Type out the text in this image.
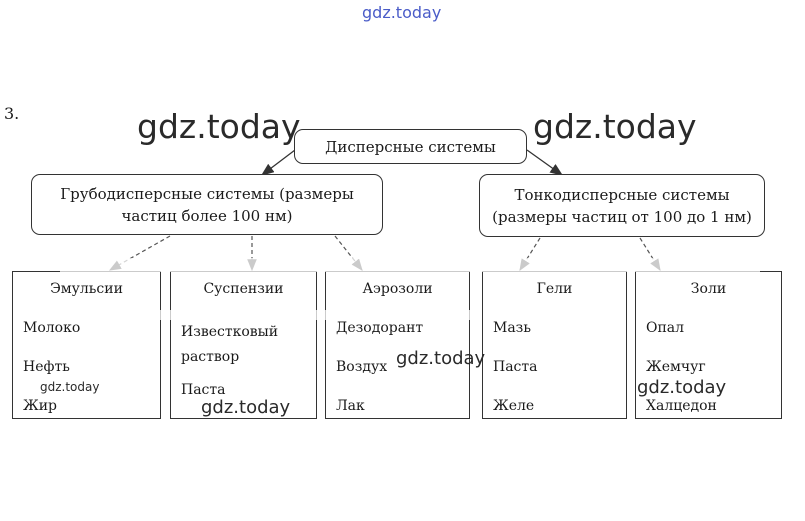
gdz.today
3.
Дисперсные системы
Грубодисперсные системы (размеры частиц более 100 нм)
Тонкодисперсные системы (размеры частиц от 100 до 1 нм)
Эмульсии
Молоко
Нефть
Жир
Суспензии
Известковый раствор
Паста
Аэрозоли
Дезодорант
Воздух
Лак
Гели
Мазь
Паста
Желе
Золи
Опал
Жемчуг
Халцедон
gdz.today	gdz.today
gdz.today
gdz.today
gdz.today
gdz.today
